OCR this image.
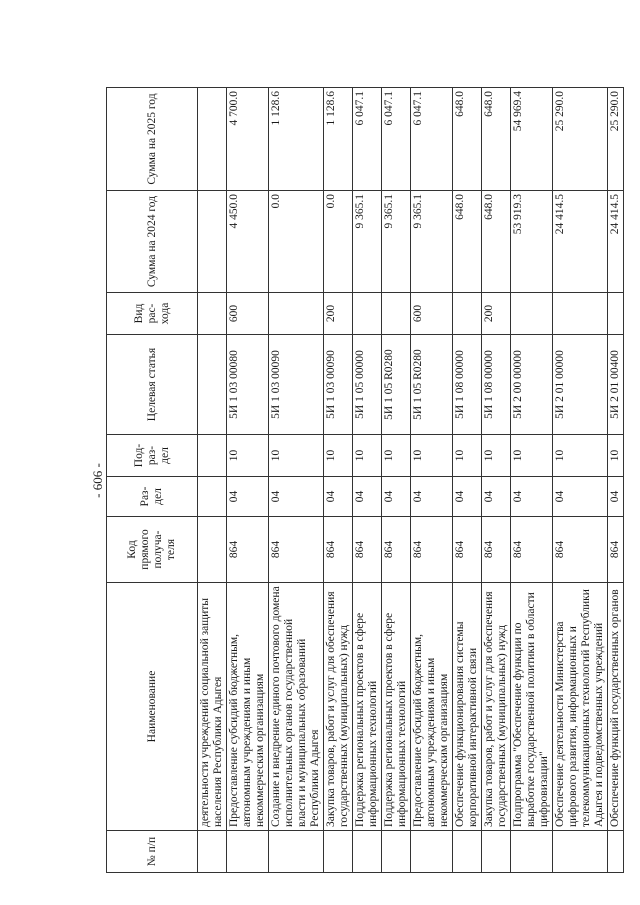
- 606 -
№ п/п	Наименование	Код прямого получа-теля	Раз-дел	Под-раз-дел	Целевая статья	Вид рас-хода	Сумма на 2024 год	Сумма на 2025 год
	деятельности учреждений социальной защиты населения Республики Адыгея							
	Предоставление субсидий бюджетным, автономным учреждениям и иным некоммерческим организациям	864	04	10	5И 1 03 00080	600	4 450.0	4 700.0
	Создание и внедрение единого почтового домена исполнительных органов государственной власти и муниципальных образований Республики Адыгея	864	04	10	5И 1 03 00090		0.0	1 128.6
	Закупка товаров, работ и услуг для обеспечения государственных (муниципальных) нужд	864	04	10	5И 1 03 00090	200	0.0	1 128.6
	Поддержка региональных проектов в сфере информационных технологий	864	04	10	5И 1 05 00000		9 365.1	6 047.1
	Поддержка региональных проектов в сфере информационных технологий	864	04	10	5И 1 05 R0280		9 365.1	6 047.1
	Предоставление субсидий бюджетным, автономным учреждениям и иным некоммерческим организациям	864	04	10	5И 1 05 R0280	600	9 365.1	6 047.1
	Обеспечение функционирования системы корпоративной интерактивной связи	864	04	10	5И 1 08 00000		648.0	648.0
	Закупка товаров, работ и услуг для обеспечения государственных (муниципальных) нужд	864	04	10	5И 1 08 00000	200	648.0	648.0
	Подпрограмма "Обеспечение функции по выработке государственной политики в области цифровизации"	864	04	10	5И 2 00 00000		53 919.3	54 969.4
	Обеспечение деятельности Министерства цифрового развития, информационных и телекоммуникационных технологий Республики Адыгея и подведомственных учреждений	864	04	10	5И 2 01 00000		24 414.5	25 290.0
	Обеспечение функций государственных органов	864	04	10	5И 2 01 00400		24 414.5	25 290.0
